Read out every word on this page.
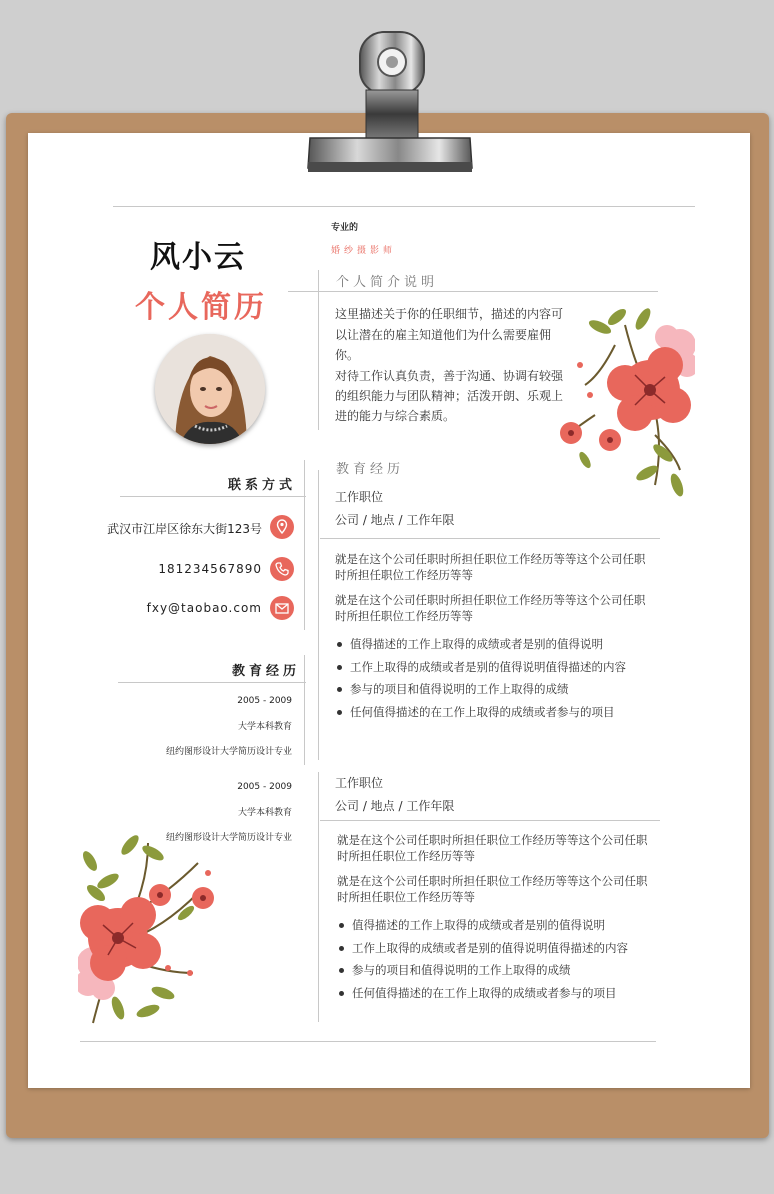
风小云
个人简历
专业的
婚纱摄影师
个人简介说明
这里描述关于你的任职细节，描述的内容可
以让潜在的雇主知道他们为什么需要雇佣
你。
对待工作认真负责，善于沟通、协调有较强
的组织能力与团队精神；活泼开朗、乐观上
进的能力与综合素质。
联系方式
武汉市江岸区徐东大街123号
181234567890
fxy@taobao.com
教育经历
2005 - 2009
大学本科教育
纽约图形设计大学简历设计专业
2005 - 2009
大学本科教育
纽约图形设计大学简历设计专业
教育经历
工作职位
公司 / 地点 / 工作年限
就是在这个公司任职时所担任职位工作经历等等这个公司任职
时所担任职位工作经历等等
就是在这个公司任职时所担任职位工作经历等等这个公司任职
时所担任职位工作经历等等
值得描述的工作上取得的成绩或者是别的值得说明
工作上取得的成绩或者是别的值得说明值得描述的内容
参与的项目和值得说明的工作上取得的成绩
任何值得描述的在工作上取得的成绩或者参与的项目
工作职位
公司 / 地点 / 工作年限
就是在这个公司任职时所担任职位工作经历等等这个公司任职
时所担任职位工作经历等等
就是在这个公司任职时所担任职位工作经历等等这个公司任职
时所担任职位工作经历等等
值得描述的工作上取得的成绩或者是别的值得说明
工作上取得的成绩或者是别的值得说明值得描述的内容
参与的项目和值得说明的工作上取得的成绩
任何值得描述的在工作上取得的成绩或者参与的项目
